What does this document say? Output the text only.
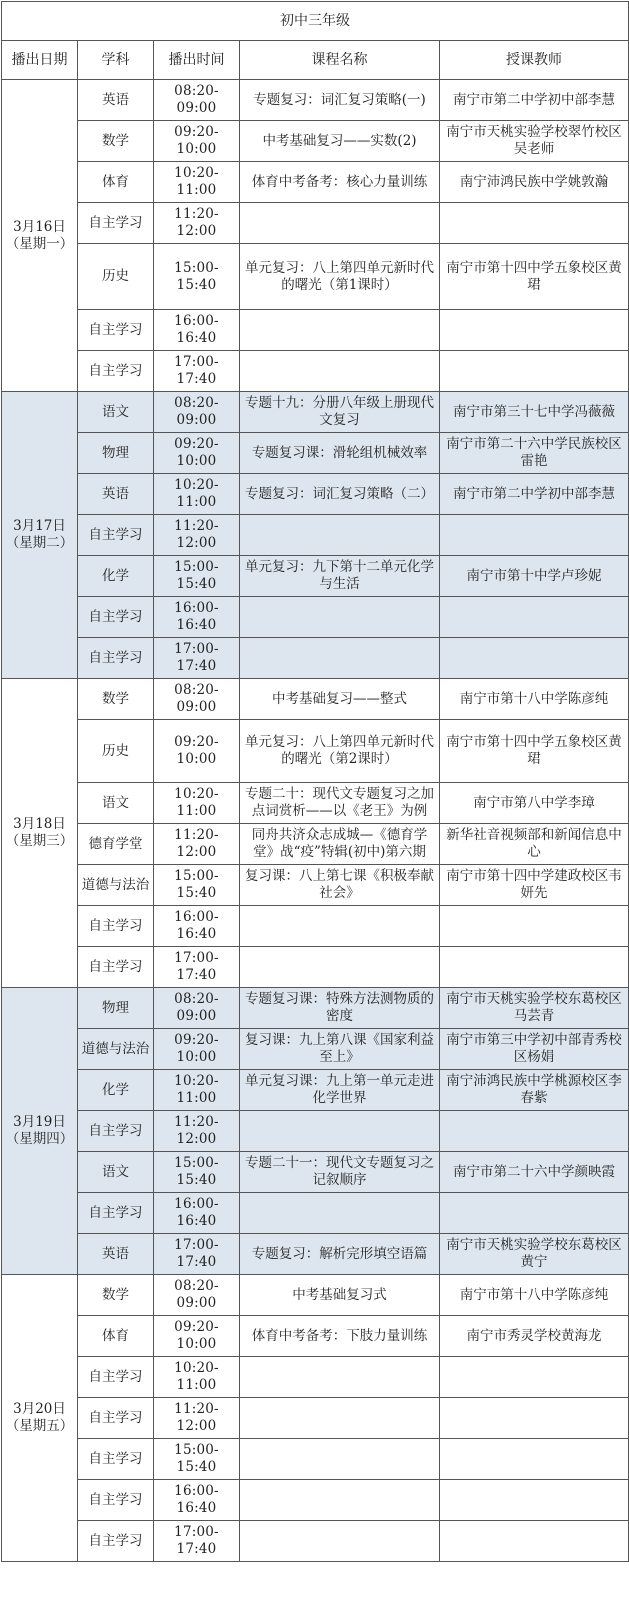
初中三年级				
播出日期	学科	播出时间	课程名称	授课教师

3月16日
（星期一）	英语	08:20-09:00	专题复习：词汇复习策略(一)	南宁市第二中学初中部李慧
	数学	09:20-10:00	中考基础复习——实数(2)	南宁市天桃实验学校翠竹校区吴老师
	体育	10:20-11:00	体育中考备考：核心力量训练	南宁沛鸿民族中学姚敦瀚
	自主学习	11:20-12:00		
	历史	15:00-15:40	单元复习：八上第四单元新时代的曙光（第1课时）	南宁市第十四中学五象校区黄珺
	自主学习	16:00-16:40		
	自主学习	17:00-17:40		

3月17日
（星期二）	语文	08:20-09:00	专题十九：分册八年级上册现代文复习	南宁市第三十七中学冯薇薇
	物理	09:20-10:00	专题复习课：滑轮组机械效率	南宁市第二十六中学民族校区雷艳
	英语	10:20-11:00	专题复习：词汇复习策略（二）	南宁市第二中学初中部李慧
	自主学习	11:20-12:00		
	化学	15:00-15:40	单元复习：九下第十二单元化学与生活	南宁市第十中学卢珍妮
	自主学习	16:00-16:40		
	自主学习	17:00-17:40		

3月18日
（星期三）	数学	08:20-09:00	中考基础复习——整式	南宁市第十八中学陈彦纯
	历史	09:20-10:00	单元复习：八上第四单元新时代的曙光（第2课时）	南宁市第十四中学五象校区黄珺
	语文	10:20-11:00	专题二十：现代文专题复习之加点词赏析——以《老王》为例	南宁市第八中学李璋
	德育学堂	11:20-12:00	同舟共济众志成城—《德育学堂》战“疫”特辑(初中)第六期	新华社音视频部和新闻信息中心
	道德与法治	15:00-15:40	复习课：八上第七课《积极奉献社会》	南宁市第十四中学建政校区韦妍先
	自主学习	16:00-16:40		
	自主学习	17:00-17:40		

3月19日
（星期四）	物理	08:20-09:00	专题复习课：特殊方法测物质的密度	南宁市天桃实验学校东葛校区马芸青
	道德与法治	09:20-10:00	复习课：九上第八课《国家利益至上》	南宁市第三中学初中部青秀校区杨娟
	化学	10:20-11:00	单元复习课：九上第一单元走进化学世界	南宁沛鸿民族中学桃源校区李春紫
	自主学习	11:20-12:00		
	语文	15:00-15:40	专题二十一：现代文专题复习之记叙顺序	南宁市第二十六中学颜映霞
	自主学习	16:00-16:40		
	英语	17:00-17:40	专题复习：解析完形填空语篇	南宁市天桃实验学校东葛校区黄宁

3月20日
（星期五）	数学	08:20-09:00	中考基础复习式	南宁市第十八中学陈彦纯
	体育	09:20-10:00	体育中考备考：下肢力量训练	南宁市秀灵学校黄海龙
	自主学习	10:20-11:00		
	自主学习	11:20-12:00		
	自主学习	15:00-15:40		
	自主学习	16:00-16:40		
	自主学习	17:00-17:40		
